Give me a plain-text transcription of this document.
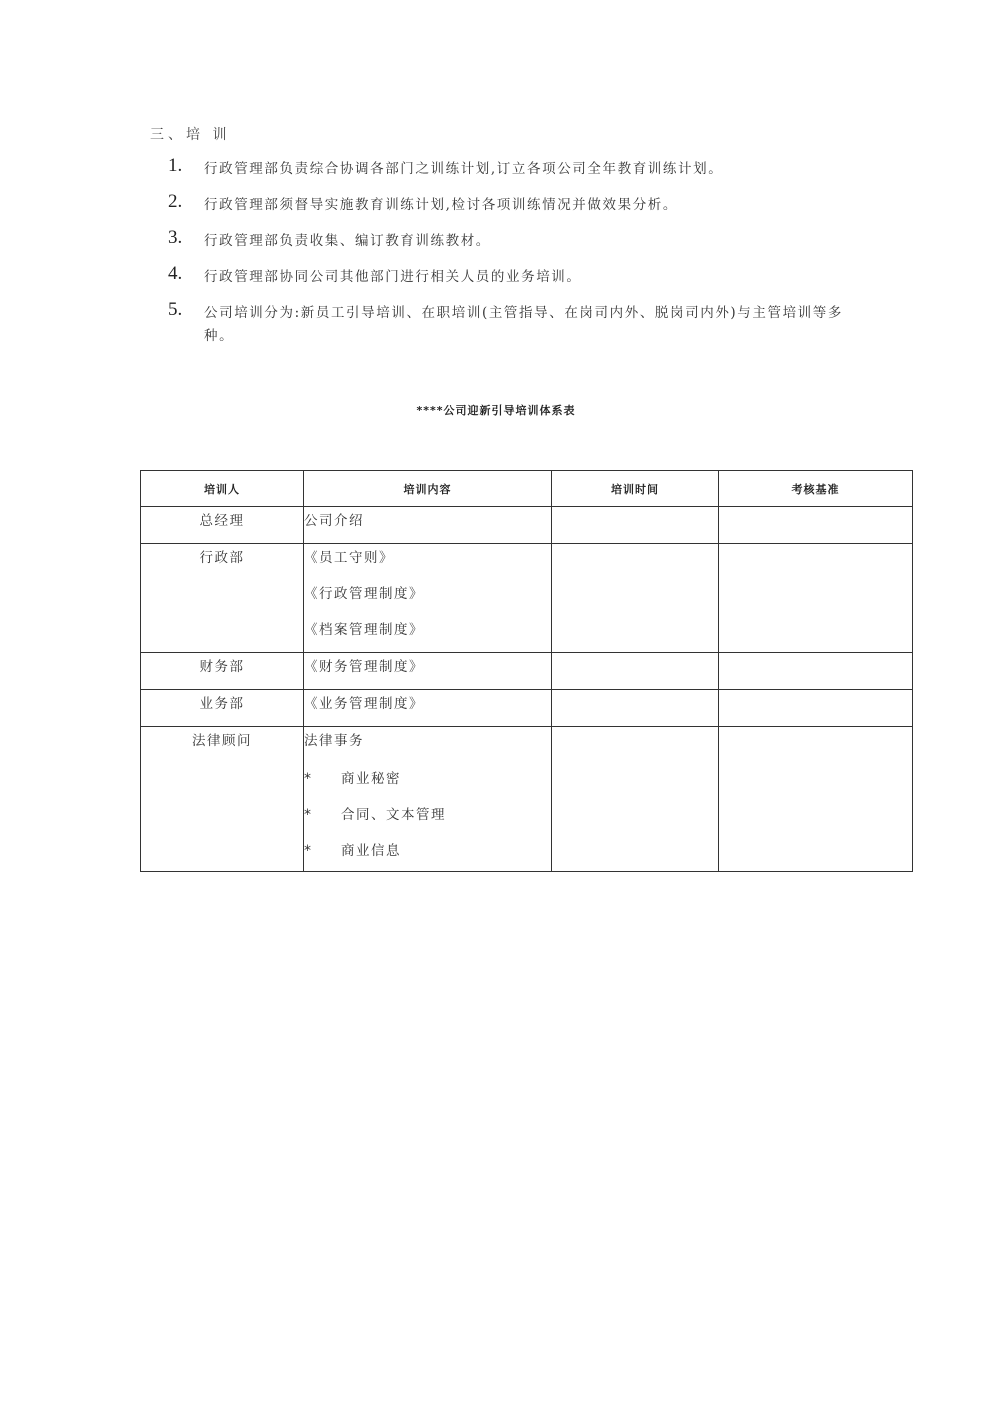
三、培 训
1. 行政管理部负责综合协调各部门之训练计划,订立各项公司全年教育训练计划。
2. 行政管理部须督导实施教育训练计划,检讨各项训练情况并做效果分析。
3. 行政管理部负责收集、编订教育训练教材。
4. 行政管理部协同公司其他部门进行相关人员的业务培训。
5. 公司培训分为:新员工引导培训、在职培训(主管指导、在岗司内外、脱岗司内外)与主管培训等多种。
****公司迎新引导培训体系表
培训人	培训内容	培训时间	考核基准
总经理	公司介绍		

行政部	《员工守则》
《行政管理制度》
《档案管理制度》		

财务部	《财务管理制度》		

业务部	《业务管理制度》		

法律顾问	法律事务
* 商业秘密
* 合同、文本管理
* 商业信息		
